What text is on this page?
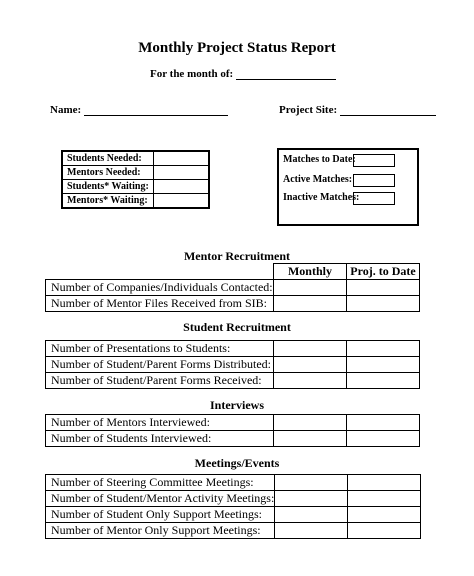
Monthly Project Status Report
For the month of:
Name:	Project Site:
Students Needed:	
Mentors Needed:	
Students* Waiting:	
Mentors* Waiting:	
Matches to Date:
Active Matches:
Inactive Matches:
Mentor Recruitment
	Monthly	Proj. to Date
Number of Companies/Individuals Contacted:		
Number of Mentor Files Received from SIB:		
Student Recruitment
Number of Presentations to Students:		
Number of Student/Parent Forms Distributed:		
Number of Student/Parent Forms Received:		
Interviews
Number of Mentors Interviewed:		
Number of Students Interviewed:		
Meetings/Events
Number of Steering Committee Meetings:		
Number of Student/Mentor Activity Meetings:		
Number of Student Only Support Meetings:		
Number of Mentor Only Support Meetings:		
